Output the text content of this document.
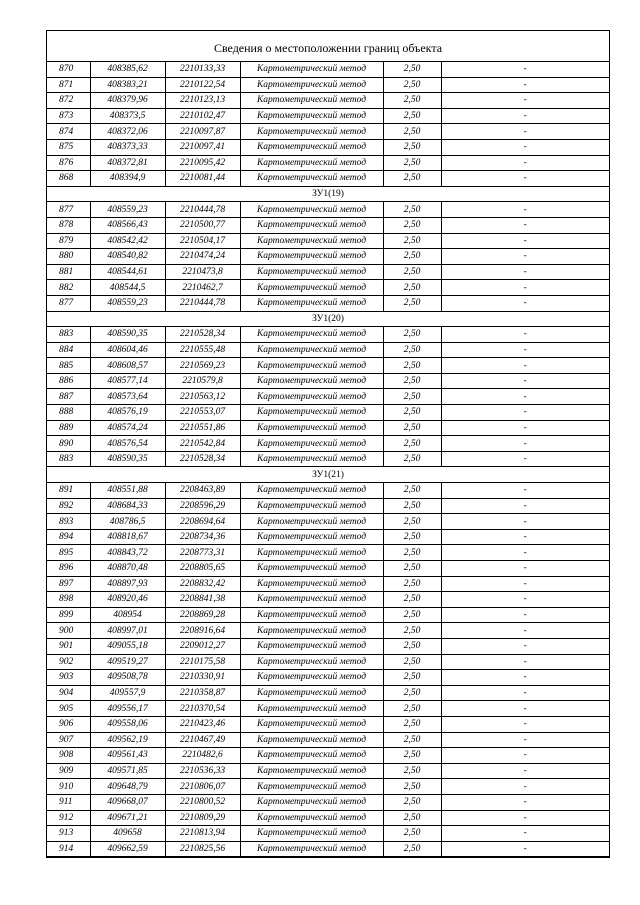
Сведения о местоположении границ объекта
870	408385,62	2210133,33	Картометрический метод	2,50	-
871	408383,21	2210122,54	Картометрический метод	2,50	-
872	408379,96	2210123,13	Картометрический метод	2,50	-
873	408373,5	2210102,47	Картометрический метод	2,50	-
874	408372,06	2210097,87	Картометрический метод	2,50	-
875	408373,33	2210097,41	Картометрический метод	2,50	-
876	408372,81	2210095,42	Картометрический метод	2,50	-
868	408394,9	2210081,44	Картометрический метод	2,50	-
ЗУ1(19)					
877	408559,23	2210444,78	Картометрический метод	2,50	-
878	408566,43	2210500,77	Картометрический метод	2,50	-
879	408542,42	2210504,17	Картометрический метод	2,50	-
880	408540,82	2210474,24	Картометрический метод	2,50	-
881	408544,61	2210473,8	Картометрический метод	2,50	-
882	408544,5	2210462,7	Картометрический метод	2,50	-
877	408559,23	2210444,78	Картометрический метод	2,50	-
ЗУ1(20)					
883	408590,35	2210528,34	Картометрический метод	2,50	-
884	408604,46	2210555,48	Картометрический метод	2,50	-
885	408608,57	2210569,23	Картометрический метод	2,50	-
886	408577,14	2210579,8	Картометрический метод	2,50	-
887	408573,64	2210563,12	Картометрический метод	2,50	-
888	408576,19	2210553,07	Картометрический метод	2,50	-
889	408574,24	2210551,86	Картометрический метод	2,50	-
890	408576,54	2210542,84	Картометрический метод	2,50	-
883	408590,35	2210528,34	Картометрический метод	2,50	-
ЗУ1(21)					
891	408551,88	2208463,89	Картометрический метод	2,50	-
892	408684,33	2208596,29	Картометрический метод	2,50	-
893	408786,5	2208694,64	Картометрический метод	2,50	-
894	408818,67	2208734,36	Картометрический метод	2,50	-
895	408843,72	2208773,31	Картометрический метод	2,50	-
896	408870,48	2208805,65	Картометрический метод	2,50	-
897	408897,93	2208832,42	Картометрический метод	2,50	-
898	408920,46	2208841,38	Картометрический метод	2,50	-
899	408954	2208869,28	Картометрический метод	2,50	-
900	408997,01	2208916,64	Картометрический метод	2,50	-
901	409055,18	2209012,27	Картометрический метод	2,50	-
902	409519,27	2210175,58	Картометрический метод	2,50	-
903	409508,78	2210330,91	Картометрический метод	2,50	-
904	409557,9	2210358,87	Картометрический метод	2,50	-
905	409556,17	2210370,54	Картометрический метод	2,50	-
906	409558,06	2210423,46	Картометрический метод	2,50	-
907	409562,19	2210467,49	Картометрический метод	2,50	-
908	409561,43	2210482,6	Картометрический метод	2,50	-
909	409571,85	2210536,33	Картометрический метод	2,50	-
910	409648,79	2210806,07	Картометрический метод	2,50	-
911	409668,07	2210800,52	Картометрический метод	2,50	-
912	409671,21	2210809,29	Картометрический метод	2,50	-
913	409658	2210813,94	Картометрический метод	2,50	-
914	409662,59	2210825,56	Картометрический метод	2,50	-
